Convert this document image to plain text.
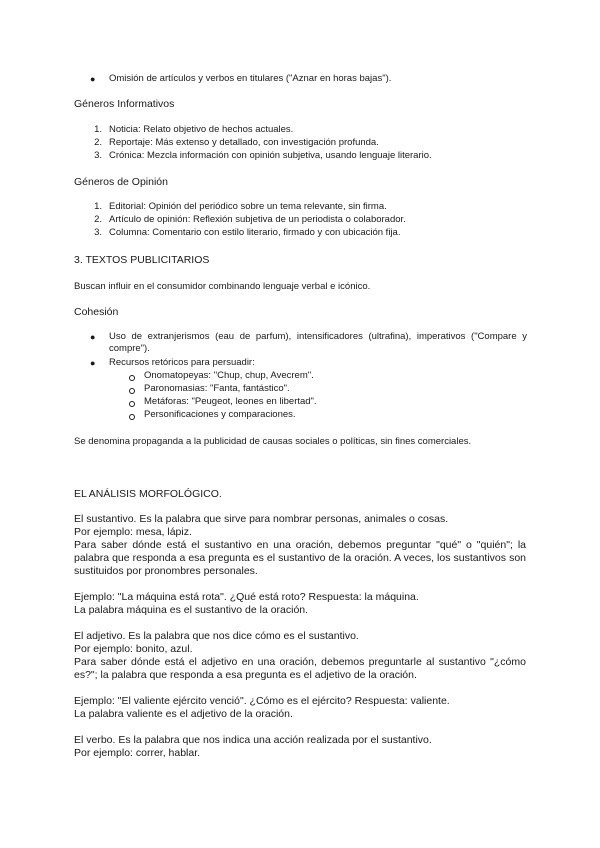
● Omisión de artículos y verbos en titulares ("Aznar en horas bajas").

Géneros Informativos

1. Noticia: Relato objetivo de hechos actuales.

2. Reportaje: Más extenso y detallado, con investigación profunda.

3. Crónica: Mezcla información con opinión subjetiva, usando lenguaje literario.

Géneros de Opinión

1. Editorial: Opinión del periódico sobre un tema relevante, sin firma.

2. Artículo de opinión: Reflexión subjetiva de un periodista o colaborador.

3. Columna: Comentario con estilo literario, firmado y con ubicación fija.

3. TEXTOS PUBLICITARIOS

Buscan influir en el consumidor combinando lenguaje verbal e icónico.

Cohesión

● Uso de extranjerismos (eau de parfum), intensificadores (ultrafina), imperativos ("Compare y compre").

● Recursos retóricos para persuadir:

Onomatopeyas: "Chup, chup, Avecrem".

Paronomasias: "Fanta, fantástico".

Metáforas: "Peugeot, leones en libertad".

Personificaciones y comparaciones.

Se denomina propaganda a la publicidad de causas sociales o políticas, sin fines comerciales.

EL ANÁLISIS MORFOLÓGICO.

El sustantivo. Es la palabra que sirve para nombrar personas, animales o cosas.

Por ejemplo: mesa, lápiz.

Para saber dónde está el sustantivo en una oración, debemos preguntar "qué" o "quién"; la palabra que responda a esa pregunta es el sustantivo de la oración. A veces, los sustantivos son sustituidos por pronombres personales.

Ejemplo: "La máquina está rota". ¿Qué está roto? Respuesta: la máquina.

La palabra máquina es el sustantivo de la oración.

El adjetivo. Es la palabra que nos dice cómo es el sustantivo.

Por ejemplo: bonito, azul.

Para saber dónde está el adjetivo en una oración, debemos preguntarle al sustantivo "¿cómo es?"; la palabra que responda a esa pregunta es el adjetivo de la oración.

Ejemplo: "El valiente ejército venció". ¿Cómo es el ejército? Respuesta: valiente.

La palabra valiente es el adjetivo de la oración.

El verbo. Es la palabra que nos indica una acción realizada por el sustantivo.

Por ejemplo: correr, hablar.
